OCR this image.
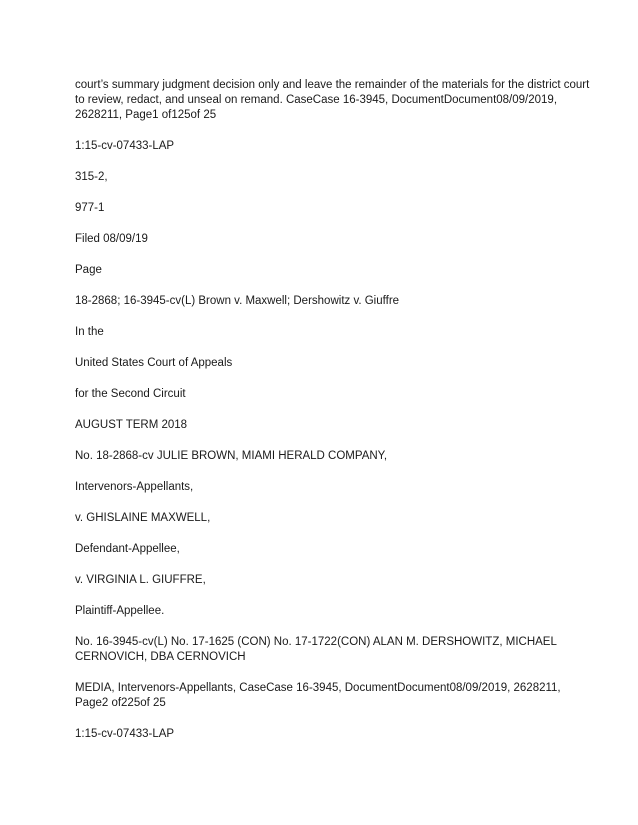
court’s summary judgment decision only and leave the remainder of the materials for the district court to review, redact, and unseal on remand. CaseCase 16-3945, DocumentDocument08/09/2019, 2628211, Page1 of125of 25

1:15-cv-07433-LAP

315-2,

977-1

Filed 08/09/19

Page

18-2868; 16-3945-cv(L) Brown v. Maxwell; Dershowitz v. Giuffre

In the

United States Court of Appeals

for the Second Circuit

AUGUST TERM 2018

No. 18-2868-cv JULIE BROWN, MIAMI HERALD COMPANY,

Intervenors-Appellants,

v. GHISLAINE MAXWELL,

Defendant-Appellee,

v. VIRGINIA L. GIUFFRE,

Plaintiff-Appellee.

No. 16-3945-cv(L) No. 17-1625 (CON) No. 17-1722(CON) ALAN M. DERSHOWITZ, MICHAEL CERNOVICH, DBA CERNOVICH

MEDIA, Intervenors-Appellants, CaseCase 16-3945, DocumentDocument08/09/2019, 2628211, Page2 of225of 25

1:15-cv-07433-LAP
